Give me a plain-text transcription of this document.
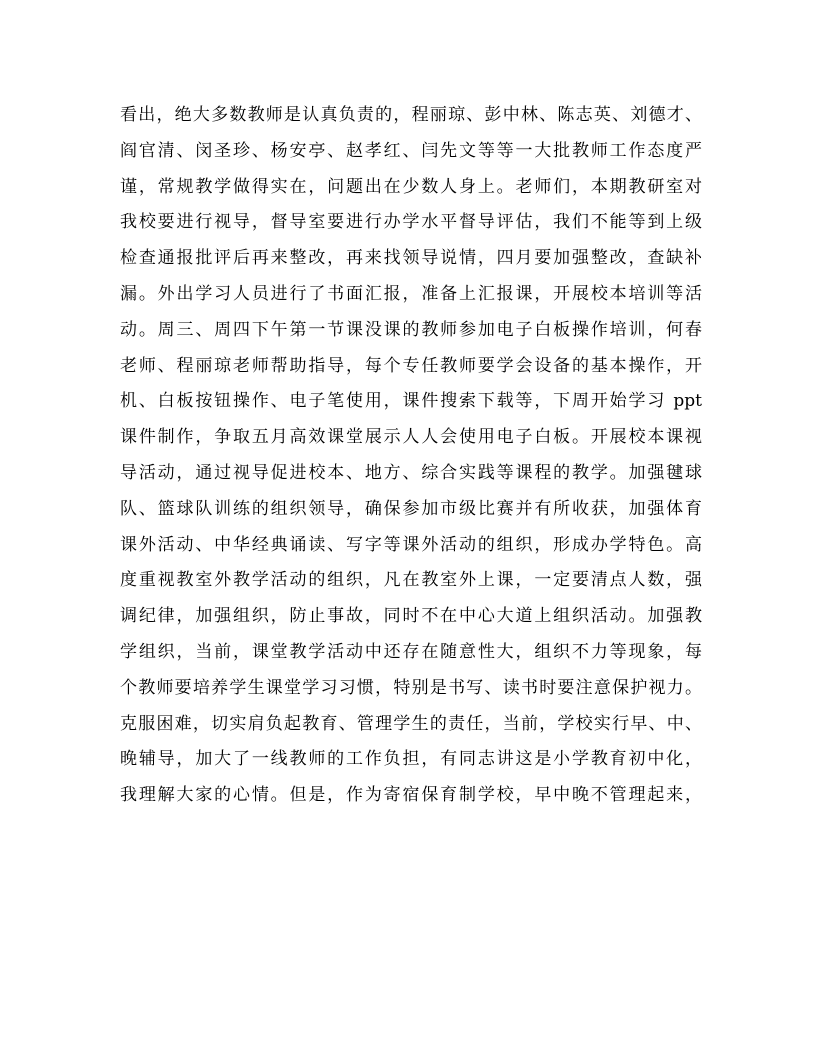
看出，绝大多数教师是认真负责的，程丽琼、彭中林、陈志英、刘德才、
阎官清、闵圣珍、杨安亭、赵孝红、闫先文等等一大批教师工作态度严
谨，常规教学做得实在，问题出在少数人身上。老师们，本期教研室对
我校要进行视导，督导室要进行办学水平督导评估，我们不能等到上级
检查通报批评后再来整改，再来找领导说情，四月要加强整改，查缺补
漏。外出学习人员进行了书面汇报，准备上汇报课，开展校本培训等活
动。周三、周四下午第一节课没课的教师参加电子白板操作培训，何春
老师、程丽琼老师帮助指导，每个专任教师要学会设备的基本操作，开
机、白板按钮操作、电子笔使用，课件搜索下载等，下周开始学习 ppt
课件制作，争取五月高效课堂展示人人会使用电子白板。开展校本课视
导活动，通过视导促进校本、地方、综合实践等课程的教学。加强毽球
队、篮球队训练的组织领导，确保参加市级比赛并有所收获，加强体育
课外活动、中华经典诵读、写字等课外活动的组织，形成办学特色。高
度重视教室外教学活动的组织，凡在教室外上课，一定要清点人数，强
调纪律，加强组织，防止事故，同时不在中心大道上组织活动。加强教
学组织，当前，课堂教学活动中还存在随意性大，组织不力等现象，每
个教师要培养学生课堂学习习惯，特别是书写、读书时要注意保护视力。
克服困难，切实肩负起教育、管理学生的责任，当前，学校实行早、中、
晚辅导，加大了一线教师的工作负担，有同志讲这是小学教育初中化，
我理解大家的心情。但是，作为寄宿保育制学校，早中晚不管理起来，
